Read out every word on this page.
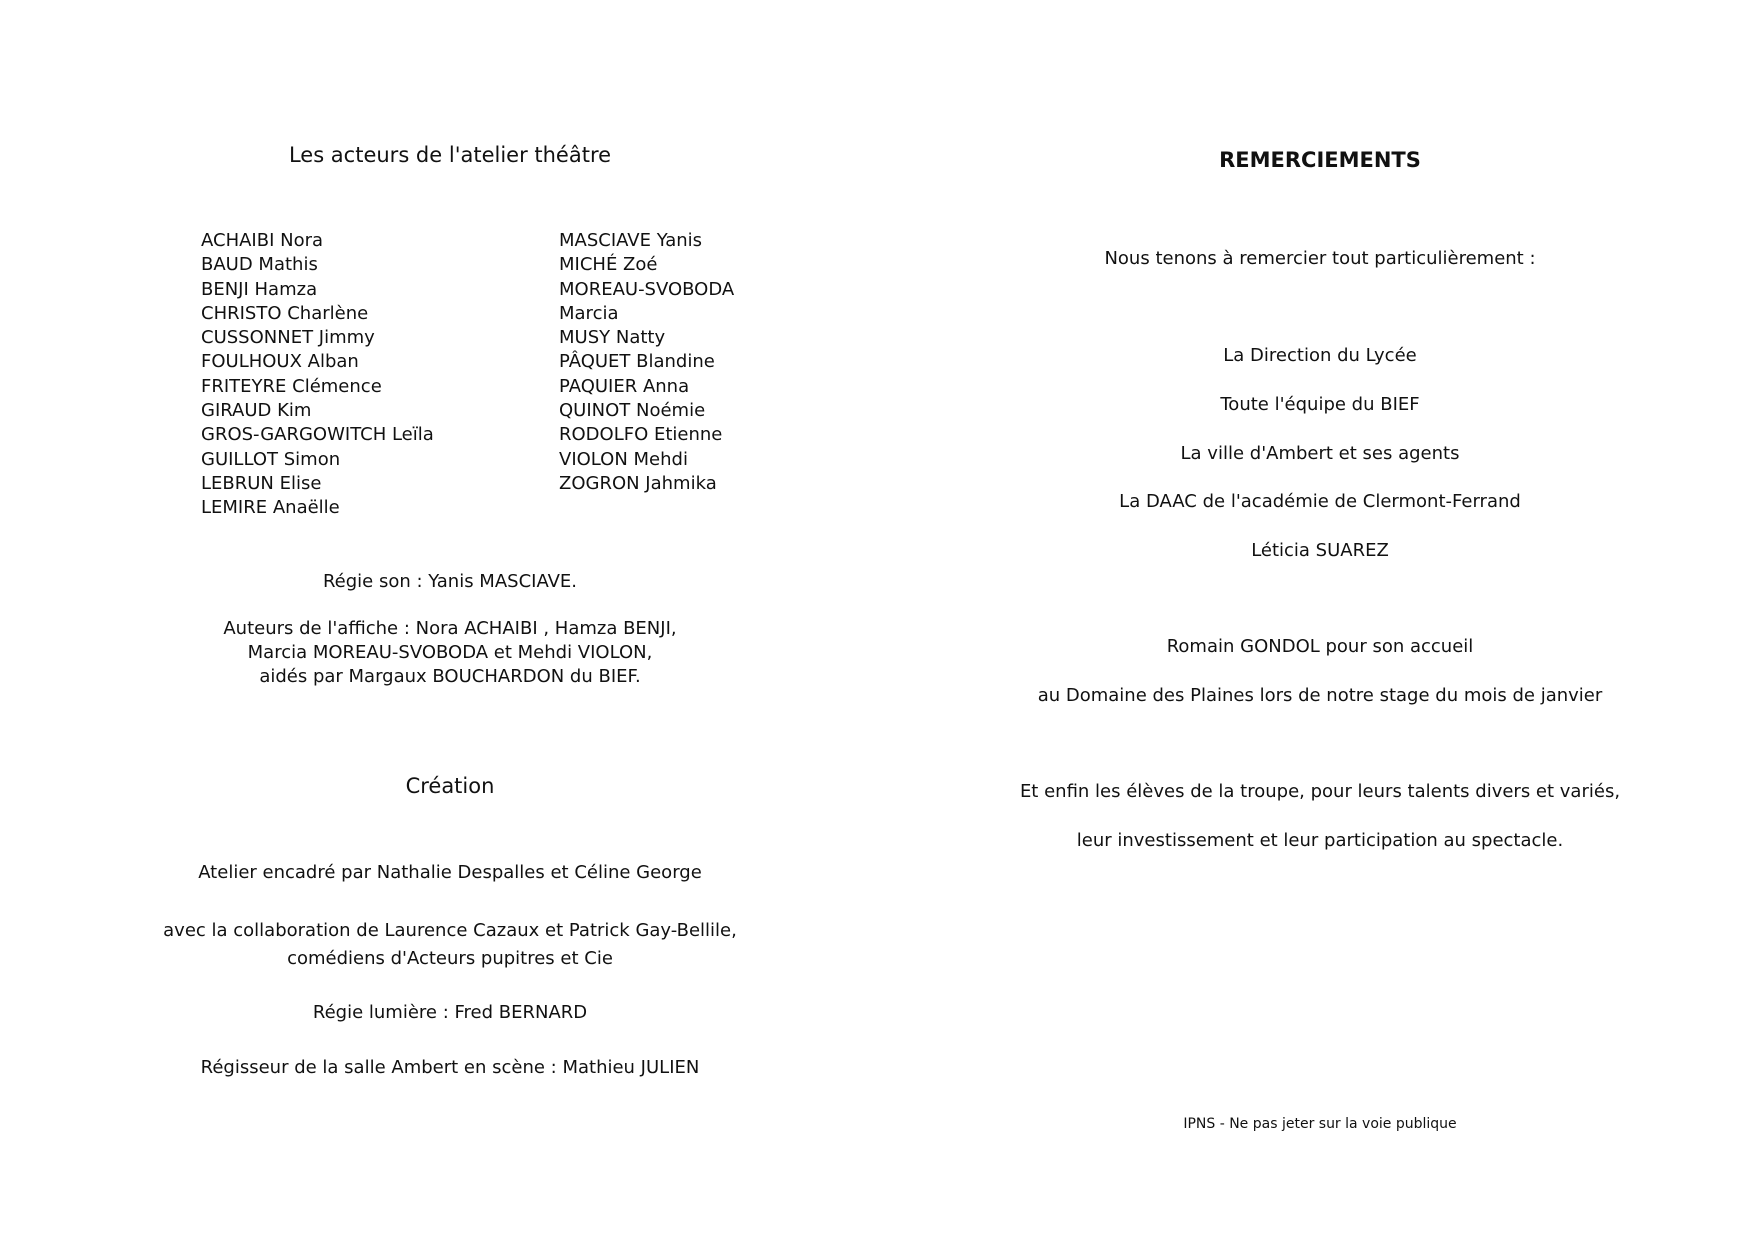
Les acteurs de l'atelier théâtre
ACHAIBI Nora
BAUD Mathis
BENJI Hamza
CHRISTO Charlène
CUSSONNET Jimmy
FOULHOUX Alban
FRITEYRE Clémence
GIRAUD Kim
GROS-GARGOWITCH Leïla
GUILLOT Simon
LEBRUN Elise
LEMIRE Anaëlle
MASCIAVE Yanis
MICHÉ Zoé
MOREAU-SVOBODA
Marcia
MUSY Natty
PÂQUET Blandine
PAQUIER Anna
QUINOT Noémie
RODOLFO Etienne
VIOLON Mehdi
ZOGRON Jahmika
Régie son : Yanis MASCIAVE.
Auteurs de l'affiche : Nora ACHAIBI , Hamza BENJI,
Marcia MOREAU-SVOBODA et Mehdi VIOLON,
aidés par Margaux BOUCHARDON du BIEF.
Création
Atelier encadré par Nathalie Despalles et Céline George
avec la collaboration de Laurence Cazaux et Patrick Gay-Bellile,
comédiens d'Acteurs pupitres et Cie
Régie lumière : Fred BERNARD
Régisseur de la salle Ambert en scène : Mathieu JULIEN
REMERCIEMENTS
Nous tenons à remercier tout particulièrement :
La Direction du Lycée
Toute l'équipe du BIEF
La ville d'Ambert et ses agents
La DAAC de l'académie de Clermont-Ferrand
Léticia SUAREZ
Romain GONDOL pour son accueil
au Domaine des Plaines lors de notre stage du mois de janvier
Et enfin les élèves de la troupe, pour leurs talents divers et variés,
leur investissement et leur participation au spectacle.
IPNS - Ne pas jeter sur la voie publique
